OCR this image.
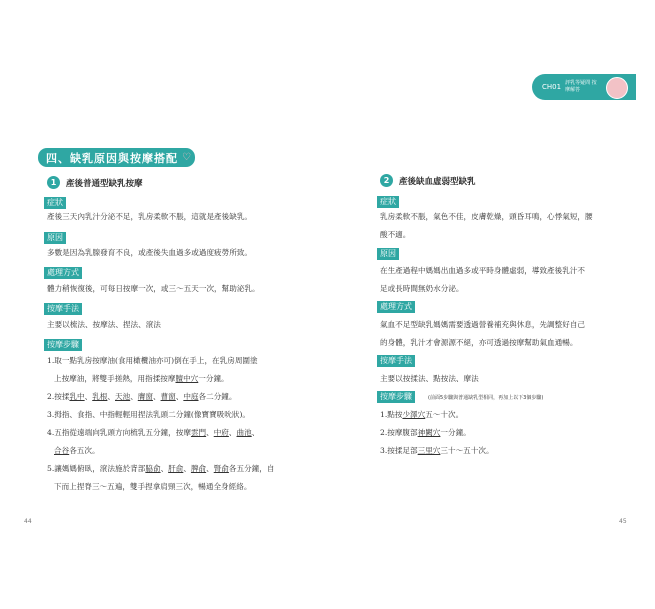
CH01 評乳等疑問 按摩解答
四、缺乳原因與按摩搭配 ♡
1	產後普通型缺乳按摩
症狀
產後三天內乳汁分泌不足，乳房柔軟不脹，這就是產後缺乳。
原因
多數是因為乳腺發育不良，或產後失血過多或過度疲勞所致。
處理方式
體力稍恢復後，可每日按摩一次，或三～五天一次，幫助泌乳。
按摩手法
主要以梳法、按摩法、捏法、滾法
按摩步驟
1.取一點乳房按摩油(食用橄欖油亦可)倒在手上，在乳房周圍塗
上按摩油，將雙手搓熱，用指揉按摩膻中穴一分鐘。
2.按揉乳中、乳根、天池、膺窗、曹窗、中庭各二分鐘。
3.拇指、食指、中指輕輕用捏法乳頭二分鐘(像寶寶吸吮狀)。
4.五指從遠端向乳頭方向梳乳五分鐘，按摩雲門、中府、曲池、
合谷各五次。
5.讓媽媽俯臥，滾法施於背部脇俞、肝俞、脾俞、腎俞各五分鐘，自
下而上捏脊三～五遍，雙手捏拿肩頸三次，暢通全身經絡。
44
2	產後缺血虛弱型缺乳
症狀
乳房柔軟不脹，氣色不佳，皮膚乾燥，頭昏耳鳴，心悸氣短，腰
酸不適。
原因
在生產過程中媽媽出血過多或平時身體虛弱，導致產後乳汁不
足或長時間無奶水分泌。
處理方式
氣血不足型缺乳媽媽需要透過營養補充與休息，先調整好自己
的身體，乳汁才會源源不絕，亦可透過按摩幫助氣血通暢。
按摩手法
主要以按揉法、點按法、摩法
按摩步驟	(前面5步驟與普通缺乳型相同，再加上以下3個步驟)
1.點按少澤穴五～十次。
2.按摩腹部神闕穴一分鐘。
3.按揉足部三里穴三十～五十次。
45
